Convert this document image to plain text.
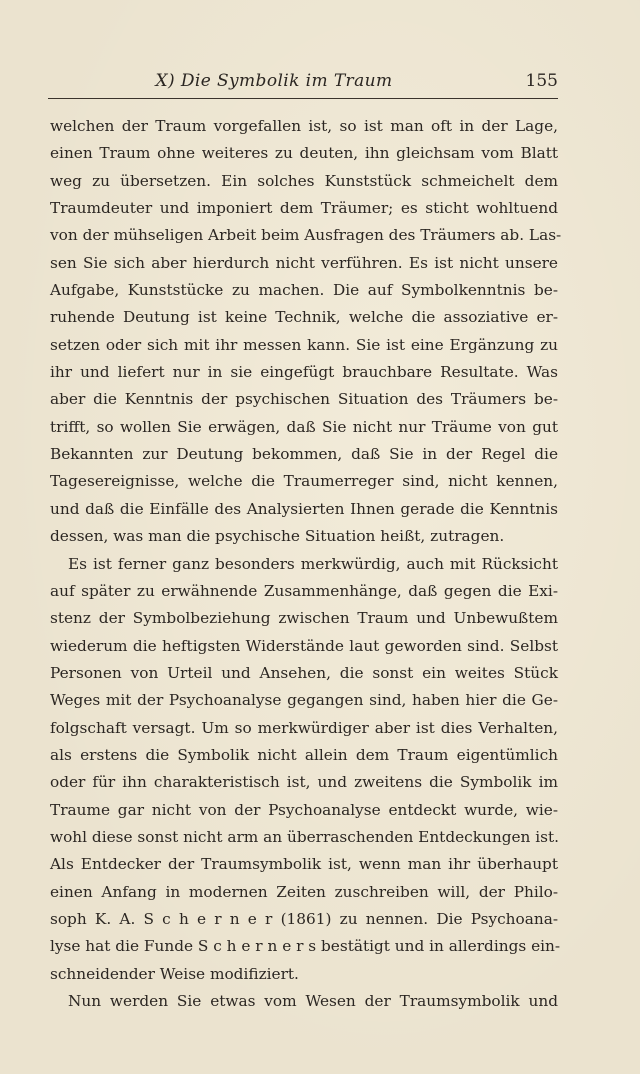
X) Die Symbolik im Traum	155
welchen der Traum vorgefallen ist, so ist man oft in der Lage,
einen Traum ohne weiteres zu deuten, ihn gleichsam vom Blatt
weg zu übersetzen. Ein solches Kunststück schmeichelt dem
Traumdeuter und imponiert dem Träumer; es sticht wohltuend
von der mühseligen Arbeit beim Ausfragen des Träumers ab. Las-
sen Sie sich aber hierdurch nicht verführen. Es ist nicht unsere
Aufgabe, Kunststücke zu machen. Die auf Symbolkenntnis be-
ruhende Deutung ist keine Technik, welche die assoziative er-
setzen oder sich mit ihr messen kann. Sie ist eine Ergänzung zu
ihr und liefert nur in sie eingefügt brauchbare Resultate. Was
aber die Kenntnis der psychischen Situation des Träumers be-
trifft, so wollen Sie erwägen, daß Sie nicht nur Träume von gut
Bekannten zur Deutung bekommen, daß Sie in der Regel die
Tagesereignisse, welche die Traumerreger sind, nicht kennen,
und daß die Einfälle des Analysierten Ihnen gerade die Kenntnis
dessen, was man die psychische Situation heißt, zutragen.
Es ist ferner ganz besonders merkwürdig, auch mit Rücksicht
auf später zu erwähnende Zusammenhänge, daß gegen die Exi-
stenz der Symbolbeziehung zwischen Traum und Unbewußtem
wiederum die heftigsten Widerstände laut geworden sind. Selbst
Personen von Urteil und Ansehen, die sonst ein weites Stück
Weges mit der Psychoanalyse gegangen sind, haben hier die Ge-
folgschaft versagt. Um so merkwürdiger aber ist dies Verhalten,
als erstens die Symbolik nicht allein dem Traum eigentümlich
oder für ihn charakteristisch ist, und zweitens die Symbolik im
Traume gar nicht von der Psychoanalyse entdeckt wurde, wie-
wohl diese sonst nicht arm an überraschenden Entdeckungen ist.
Als Entdecker der Traumsymbolik ist, wenn man ihr überhaupt
einen Anfang in modernen Zeiten zuschreiben will, der Philo-
soph K. A. S c h e r n e r (1861) zu nennen. Die Psychoana-
lyse hat die Funde S c h e r n e r s bestätigt und in allerdings ein-
schneidender Weise modifiziert.
Nun werden Sie etwas vom Wesen der Traumsymbolik und
